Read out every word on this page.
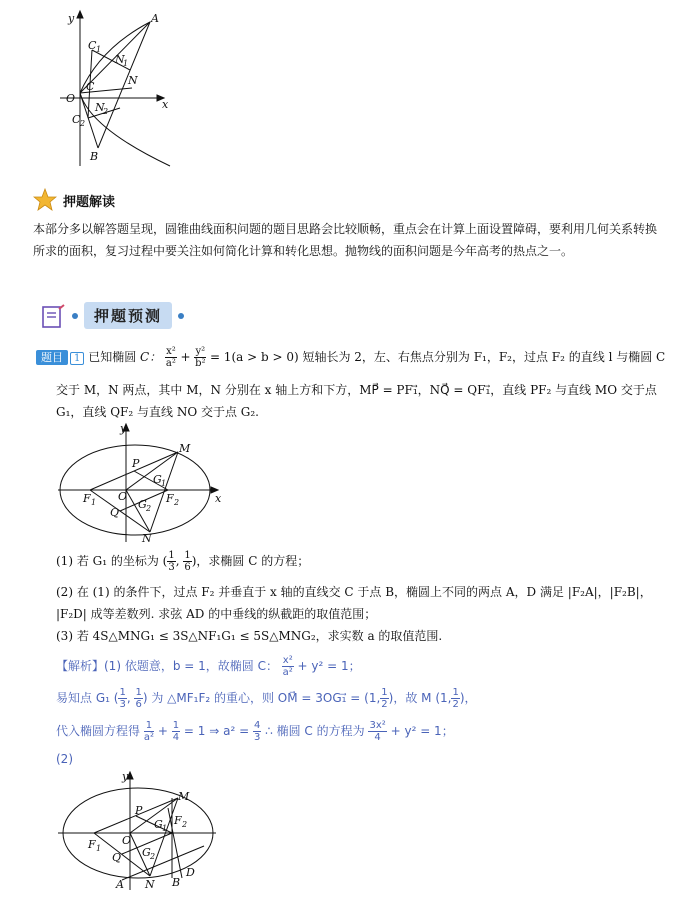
y
x
O
A
B
C
C 1
C 2
N
N
1
N
2
押题解读
本部分多以解答题呈现，圆锥曲线面积问题的题目思路会比较顺畅，重点会在计算上面设置障碍，要利用几何关系转换所求的面积，复习过程中要关注如何简化计算和转化思想。抛物线的面积问题是今年高考的热点之一。
押题预测
题目 1 已知椭圆 C： $\frac{\text{x²}}{\text{a²}} + \frac{\text{y²}}{\text{b²}} = 1(a > b > 0)$ 短轴长为 2，左、右焦点分别为 F₁，F₂，过点 F₂ 的直线 l 与椭圆 C
交于 M，N 两点，其中 M，N 分别在 x 轴上方和下方，MP⃗ = PF₁⃗，NQ⃗ = QF₁⃗，直线 PF₂ 与直线 MO 交于点
G₁，直线 QF₂ 与直线 NO 交于点 G₂.
y
x
M
P
G 1
F 1 O
G 2
F 2
Q
N
(1) 若 G₁ 的坐标为 ( $\frac{1}{3}$ , $\frac{1}{6}$ )，求椭圆 C 的方程；
(2) 在 (1) 的条件下，过点 F₂ 并垂直于 x 轴的直线交 C 于点 B，椭圆上不同的两点 A，D 满足 |F₂A|，|F₂B|，
|F₂D| 成等差数列. 求弦 AD 的中垂线的纵截距的取值范围；
(3) 若 4S△MNG₁ ≤ 3S△NF₁G₁ ≤ 5S△MNG₂，求实数 a 的取值范围.
【解析】(1) 依题意，b = 1，故椭圆 C： $\frac{\text{x²}}{\text{a²}} + y^2 = 1$；
易知点 G₁ ( $\frac{1}{3}$ , $\frac{1}{6}$ ) 为 △MF₁F₂ 的重心，则 OM⃗ = 3OG₁⃗ = (1, $\frac{1}{2}$ )，故 M (1, $\frac{1}{2}$ )，
代入椭圆方程得 $\frac{1}{\text{a²}} + \frac{1}{4} = 1$ ⇒ $a^2 = \frac{4}{3}$ ∴ 椭圆 C 的方程为 $\frac{\text{3x²}}{4} + y^2 = 1$；
(2)
y
M
P
G 1
F 1
F 2
O
Q G 2
A N B
D
